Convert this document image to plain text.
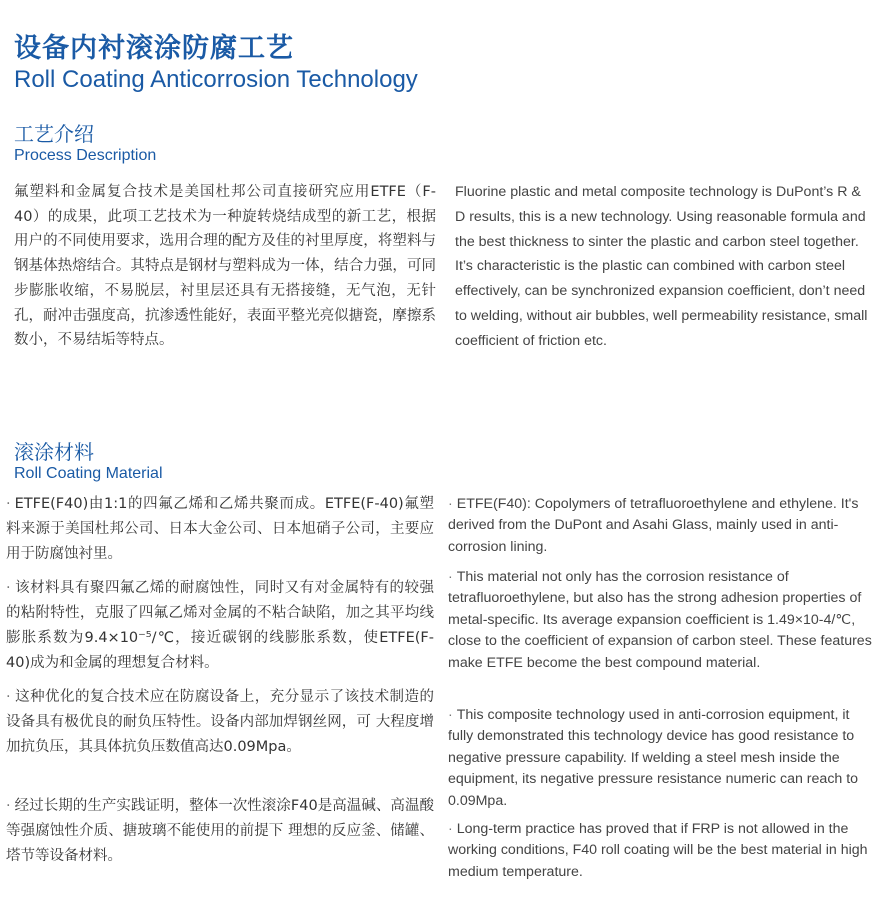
设备内衬滚涂防腐工艺
Roll Coating Anticorrosion Technology
工艺介绍
Process Description
氟塑料和金属复合技术是美国杜邦公司直接研究应用ETFE（F-40）的成果，此项工艺技术为一种旋转烧结成型的新工艺，根据用户的不同使用要求，选用合理的配方及佳的衬里厚度，将塑料与钢基体热熔结合。其特点是钢材与塑料成为一体，结合力强，可同步膨胀收缩，不易脱层，衬里层还具有无搭接缝，无气泡，无针孔，耐冲击强度高，抗渗透性能好，表面平整光亮似搪瓷，摩擦系数小，不易结垢等特点。
Fluorine plastic and metal composite technology is DuPont’s R & D results, this is a new technology. Using reasonable formula and the best thickness to sinter the plastic and carbon steel together. It’s characteristic is the plastic can combined with carbon steel effectively, can be synchronized expansion coefficient, don’t need to welding, without air bubbles, well permeability resistance, small coefficient of friction etc.
滚涂材料
Roll Coating Material
· ETFE(F40)由1:1的四氟乙烯和乙烯共聚而成。ETFE(F-40)氟塑料来源于美国杜邦公司、日本大金公司、日本旭硝子公司，主要应用于防腐蚀衬里。
· ETFE(F40): Copolymers of tetrafluoroethylene and ethylene. It's derived from the DuPont and Asahi Glass, mainly used in anti-corrosion lining.
· 该材料具有聚四氟乙烯的耐腐蚀性，同时又有对金属特有的较强的粘附特性，克服了四氟乙烯对金属的不粘合缺陷，加之其平均线膨胀系数为9.4×10⁻⁵/℃，接近碳钢的线膨胀系数，使ETFE(F-40)成为和金属的理想复合材料。
· This material not only has the corrosion resistance of tetrafluoroethylene, but also has the strong adhesion properties of metal-specific. Its average expansion coefficient is 1.49×10-4/℃, close to the coefficient of expansion of carbon steel. These features make ETFE become the best compound material.
· 这种优化的复合技术应在防腐设备上，充分显示了该技术制造的设备具有极优良的耐负压特性。设备内部加焊钢丝网，可 大程度增加抗负压，其具体抗负压数值高达0.09Mpa。
· This composite technology used in anti-corrosion equipment, it fully demonstrated this technology device has good resistance to negative pressure capability. If welding a steel mesh inside the equipment, its negative pressure resistance numeric can reach to 0.09Mpa.
· 经过长期的生产实践证明，整体一次性滚涂F40是高温碱、高温酸等强腐蚀性介质、搪玻璃不能使用的前提下 理想的反应釜、储罐、塔节等设备材料。
· Long-term practice has proved that if FRP is not allowed in the working conditions, F40 roll coating will be the best material in high medium temperature.
